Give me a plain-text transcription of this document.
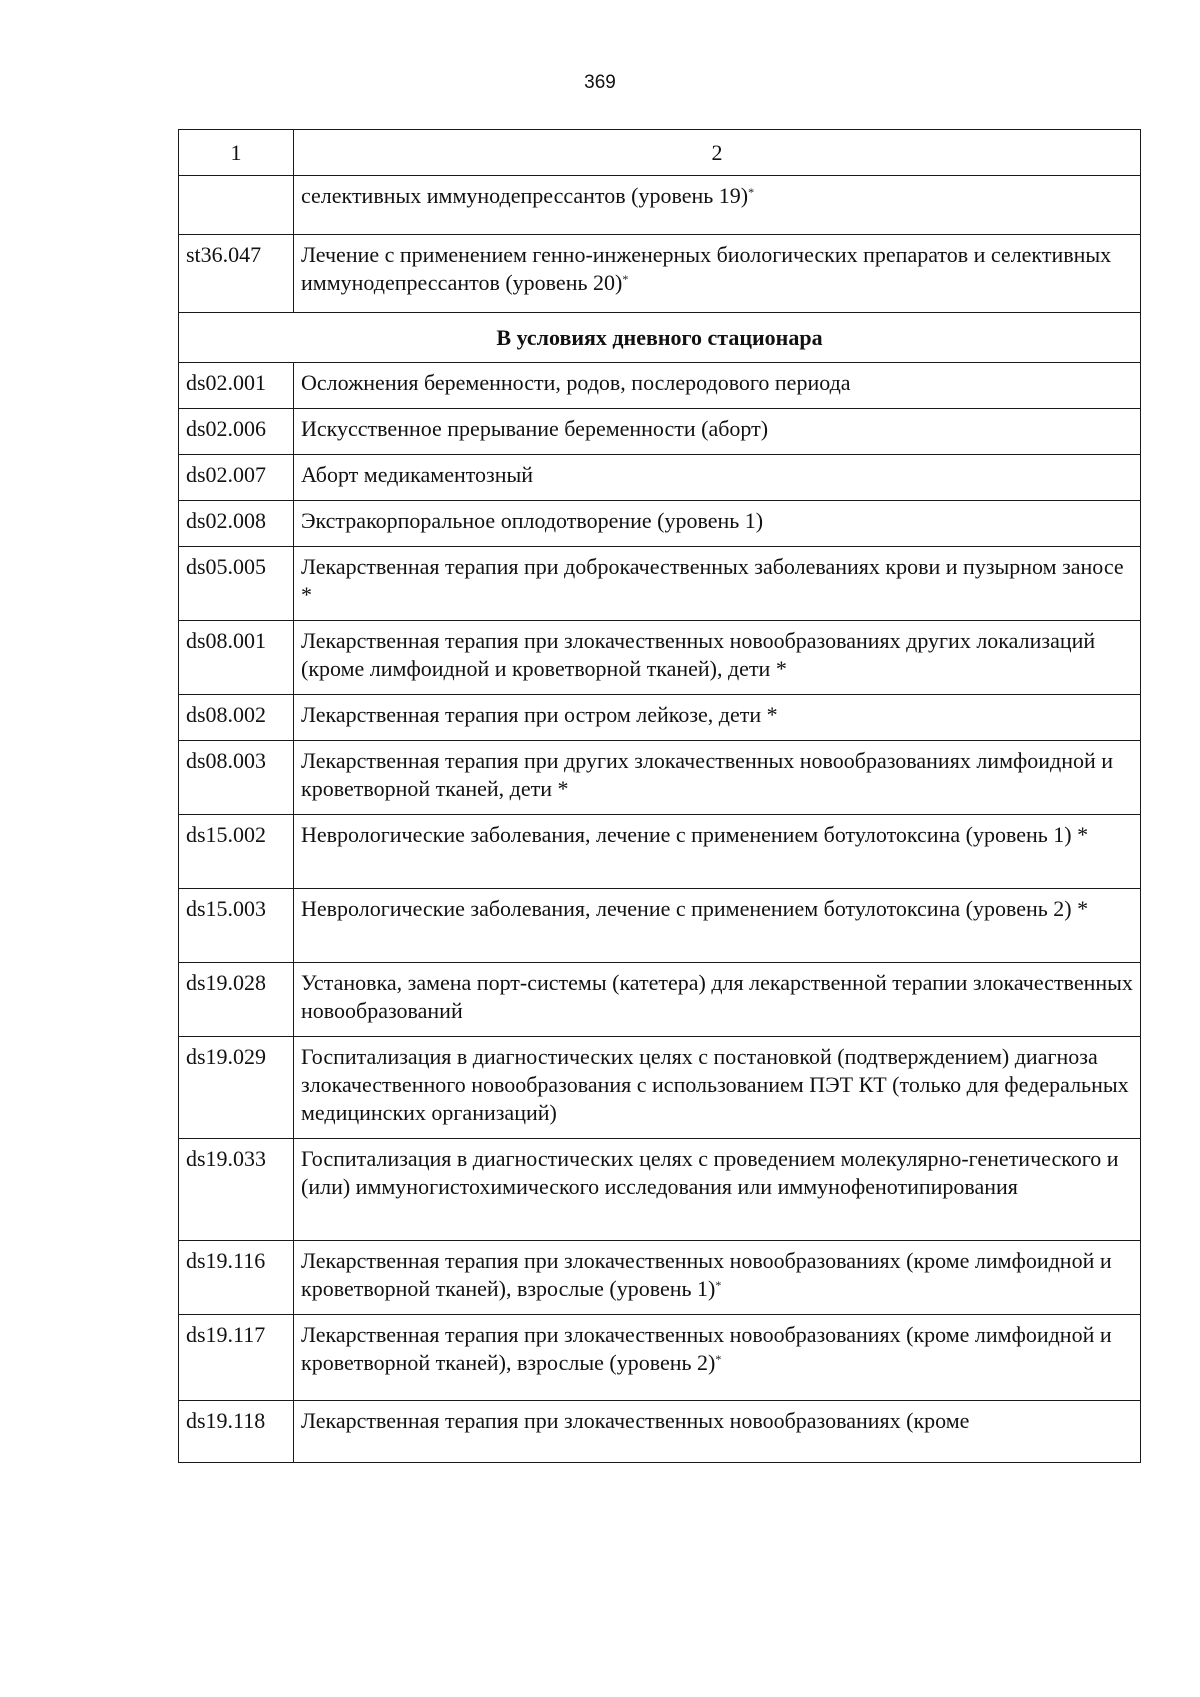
369
1	2
	селективных иммунодепрессантов (уровень 19)*
st36.047	Лечение с применением генно-инженерных биологических препаратов и селективных иммунодепрессантов (уровень 20)*
В условиях дневного стационара	
ds02.001	Осложнения беременности, родов, послеродового периода
ds02.006	Искусственное прерывание беременности (аборт)
ds02.007	Аборт медикаментозный
ds02.008	Экстракорпоральное оплодотворение (уровень 1)
ds05.005	Лекарственная терапия при доброкачественных заболеваниях крови и пузырном заносе *
ds08.001	Лекарственная терапия при злокачественных новообразованиях других локализаций (кроме лимфоидной и кроветворной тканей), дети *
ds08.002	Лекарственная терапия при остром лейкозе, дети *
ds08.003	Лекарственная терапия при других злокачественных новообразованиях лимфоидной и кроветворной тканей, дети *
ds15.002	Неврологические заболевания, лечение с применением ботулотоксина (уровень 1) *
ds15.003	Неврологические заболевания, лечение с применением ботулотоксина (уровень 2) *
ds19.028	Установка, замена порт-системы (катетера) для лекарственной терапии злокачественных новообразований
ds19.029	Госпитализация в диагностических целях с постановкой (подтверждением) диагноза злокачественного новообразования с использованием ПЭТ КТ (только для федеральных медицинских организаций)
ds19.033	Госпитализация в диагностических целях с проведением молекулярно-генетического и (или) иммуногистохимического исследования или иммунофенотипирования
ds19.116	Лекарственная терапия при злокачественных новообразованиях (кроме лимфоидной и кроветворной тканей), взрослые (уровень 1)*
ds19.117	Лекарственная терапия при злокачественных новообразованиях (кроме лимфоидной и кроветворной тканей), взрослые (уровень 2)*
ds19.118	Лекарственная терапия при злокачественных новообразованиях (кроме
